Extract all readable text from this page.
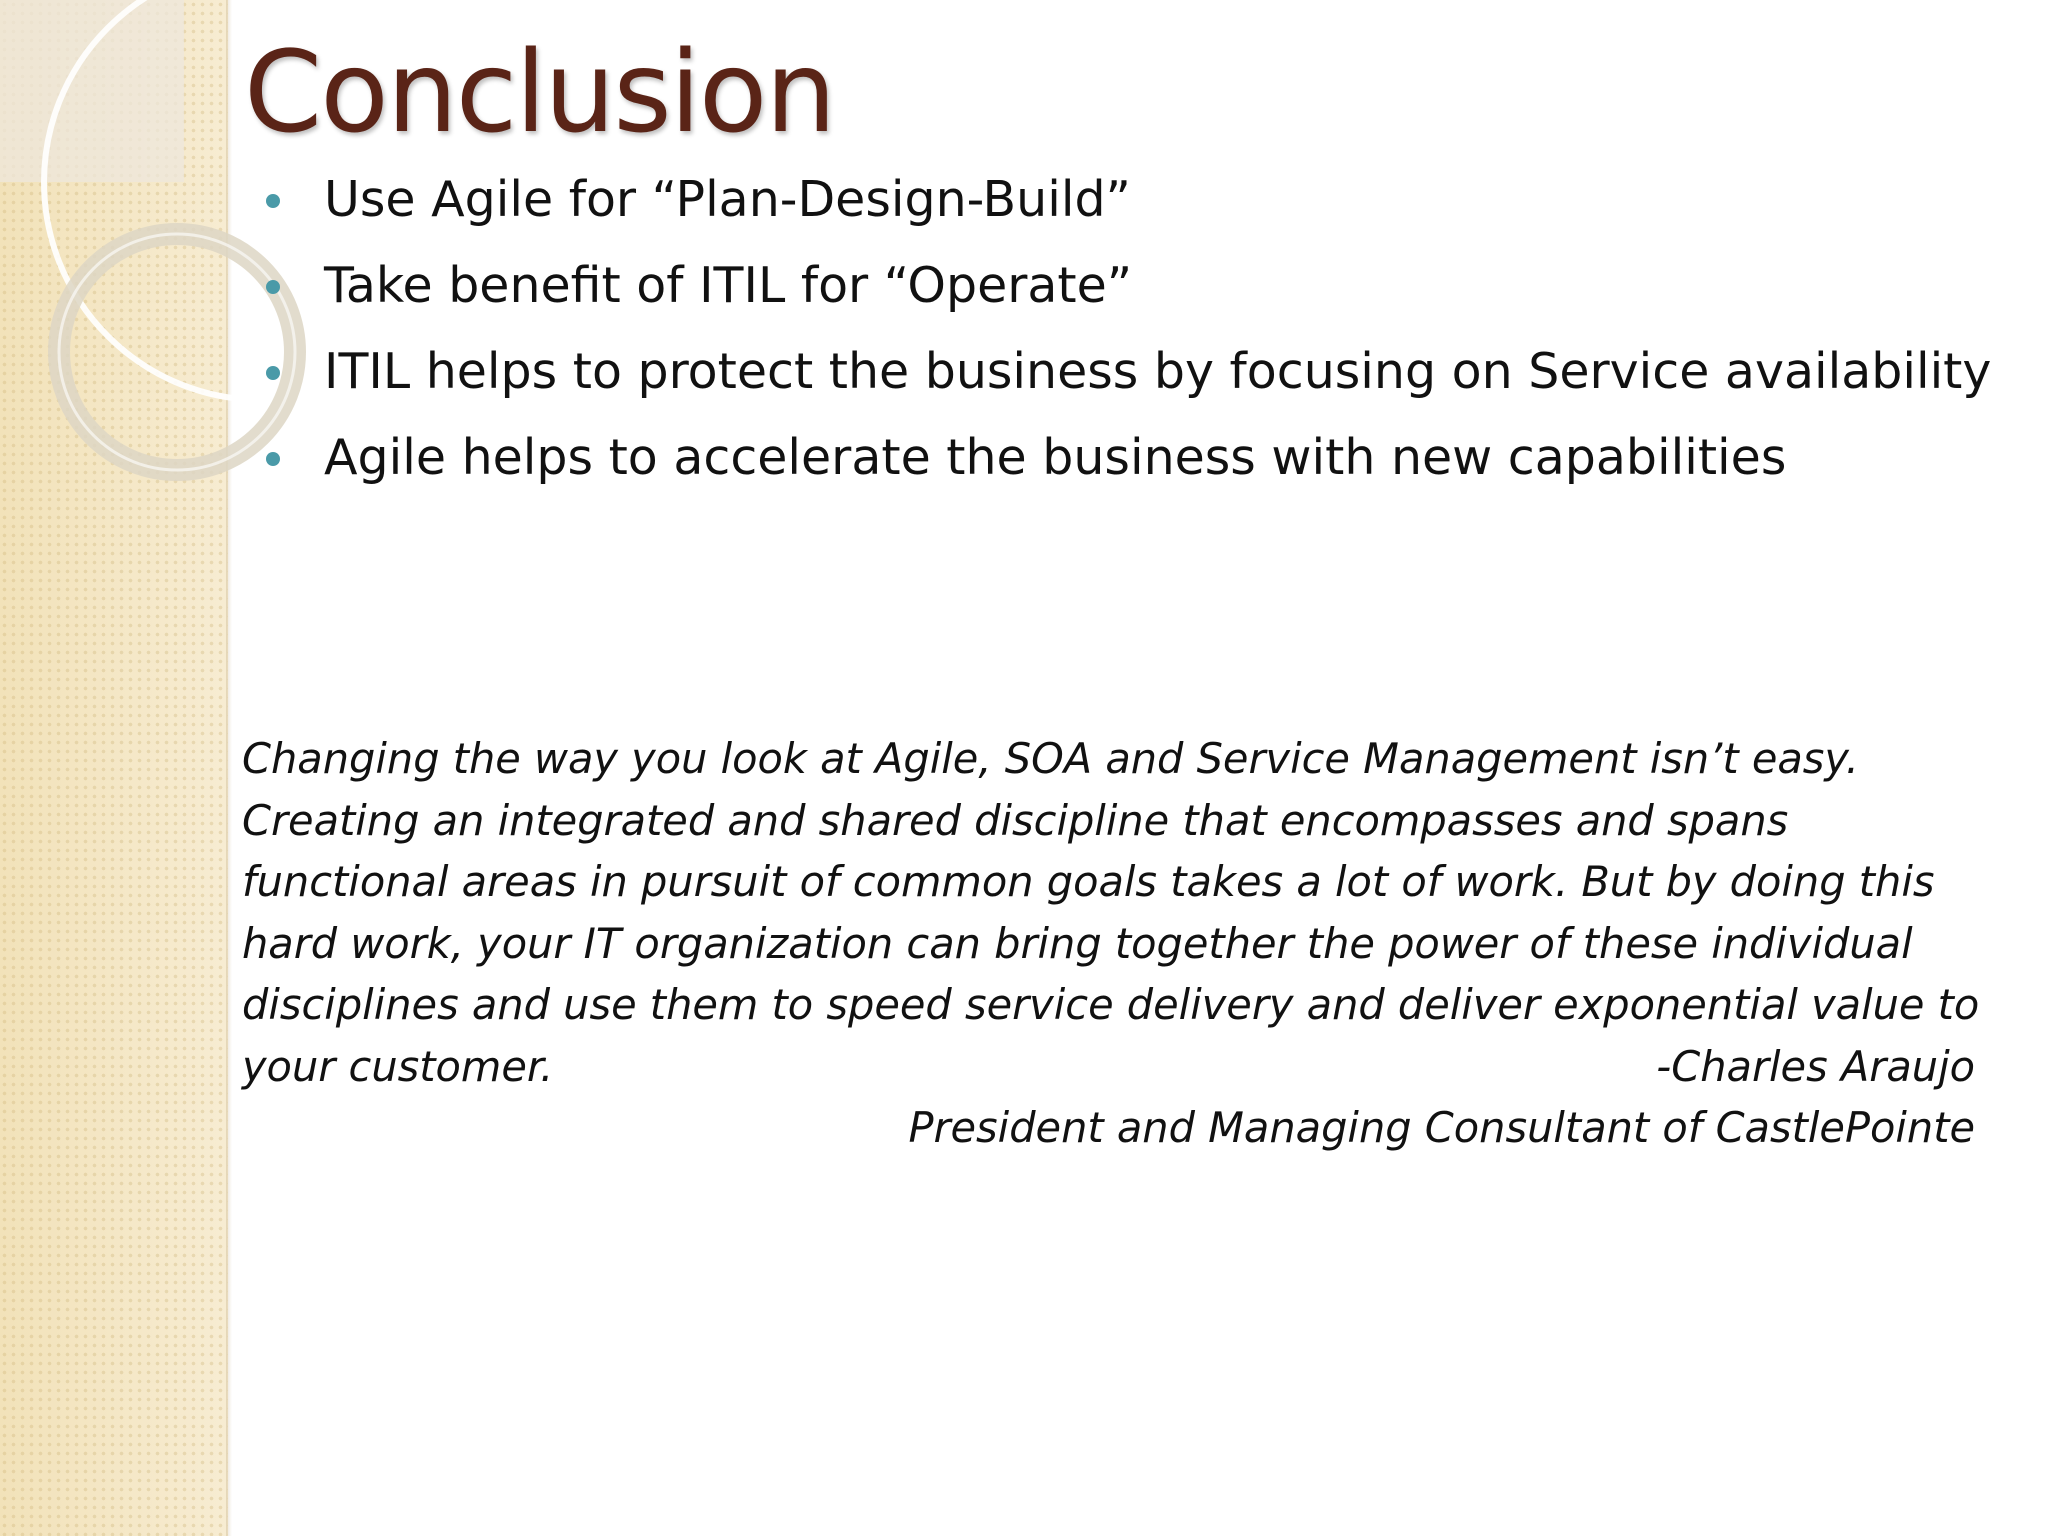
Conclusion
Use Agile for “Plan-Design-Build”
Take benefit of ITIL for “Operate”
ITIL helps to protect the business by focusing on Service availability
Agile helps to accelerate the business with new capabilities

Changing the way you look at Agile, SOA and Service Management isn’t easy. Creating an integrated and shared discipline that encompasses and spans functional areas in pursuit of common goals takes a lot of work. But by doing this hard work, your IT organization can bring together the power of these individual disciplines and use them to speed service delivery and deliver exponential value to your customer.	-Charles Araujo

President and Managing Consultant of CastlePointe
